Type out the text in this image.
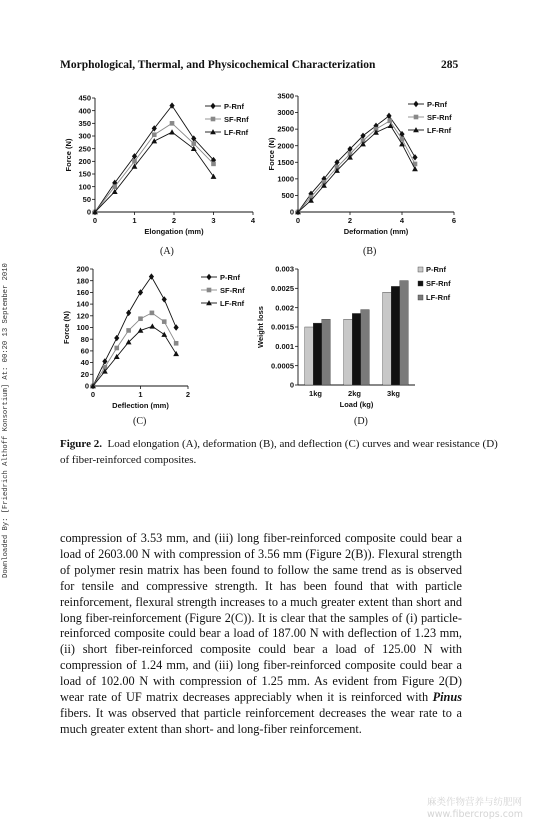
Morphological, Thermal, and Physicochemical Characterization	285
Downloaded By: [Friedrich Althoff Konsortium] At: 00:20 13 September 2010
0
50
100
150
200
250
300
350
400
450
0	1	2	3	4
Elongation (mm)
Force (N)
P-Rnf
SF-Rnf
LF-Rnf
(A)
0
500
1000
1500
2000
2500
3000
3500
0	2	4	6
Deformation (mm)
Force (N)
P-Rnf
SF-Rnf
LF-Rnf
(B)
0
20
40
60
80
100
120
140
160
180
200
0	1	2
Deflection (mm)
Force (N)
P-Rnf
SF-Rnf
LF-Rnf
(C)
0
0.0005
0.001
0.0015
0.002
0.0025
0.003
1kg	2kg	3kg
Load (kg)
Weight loss
P-Rnf
SF-Rnf
LF-Rnf
(D)
Figure 2. Load elongation (A), deformation (B), and deflection (C) curves and wear resistance (D) of fiber-reinforced composites.

compression of 3.53 mm, and (iii) long fiber-reinforced composite could bear a load of 2603.00 N with compression of 3.56 mm (Figure 2(B)). Flexural strength of polymer resin matrix has been found to follow the same trend as is observed for tensile and compressive strength. It has been found that with particle reinforcement, flexural strength increases to a much greater extent than short and long fiber-reinforcement (Figure 2(C)). It is clear that the samples of (i) particle-reinforced composite could bear a load of 187.00 N with deflection of 1.23 mm, (ii) short fiber-reinforced composite could bear a load of 125.00 N with compression of 1.24 mm, and (iii) long fiber-reinforced composite could bear a load of 102.00 N with compression of 1.25 mm. As evident from Figure 2(D) wear rate of UF matrix decreases appreciably when it is reinforced with Pinus fibers. It was observed that particle reinforcement decreases the wear rate to a much greater extent than short- and long-fiber reinforcement.

麻类作物营养与纺肥网
www.fibercrops.com
